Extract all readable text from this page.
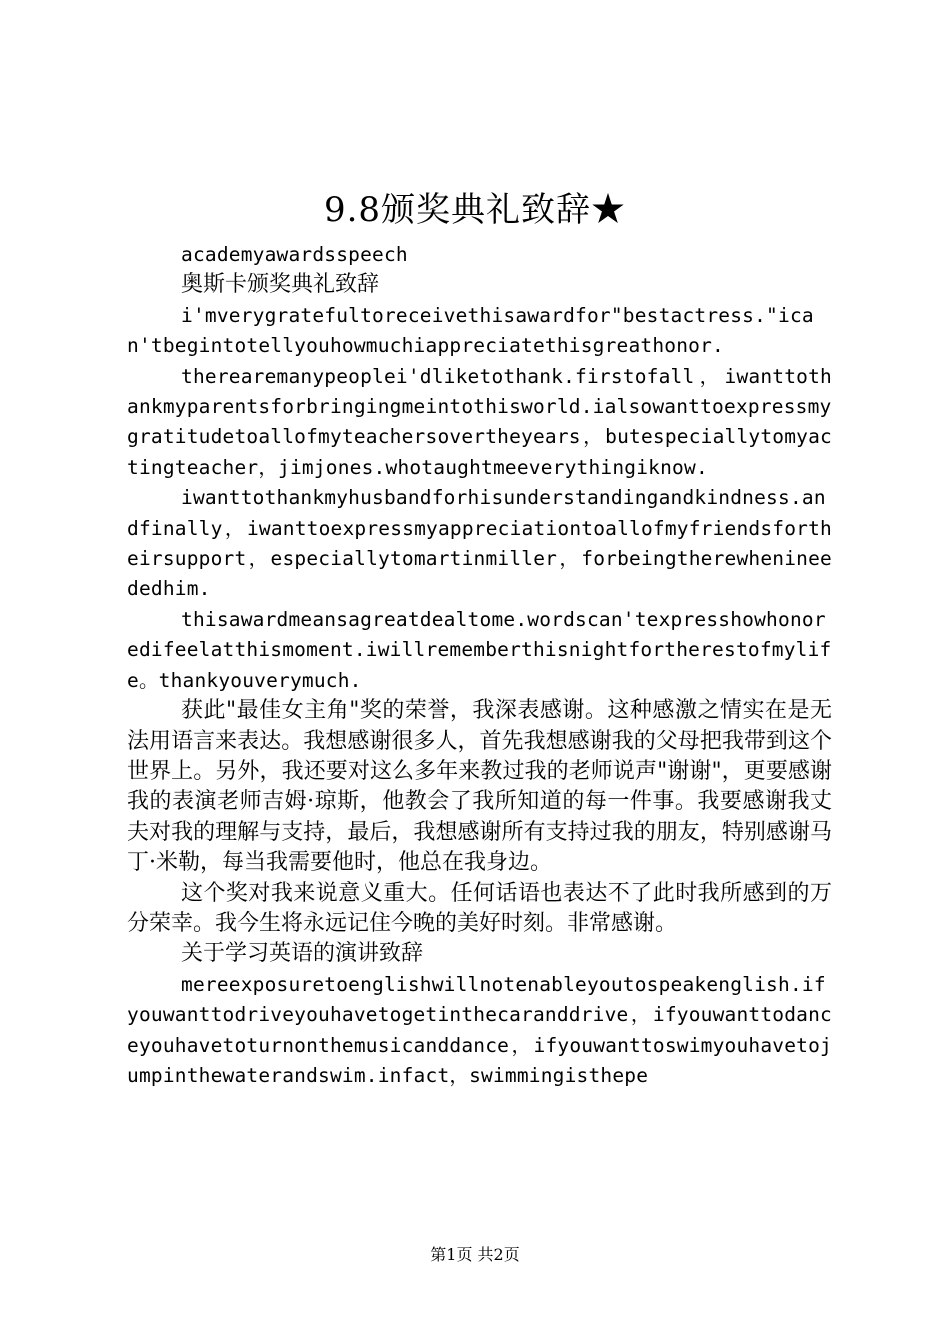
9.8颁奖典礼致辞★

academyawardsspeech

奥斯卡颁奖典礼致辞

i'mverygratefultoreceivethisawardfor"bestactress."ican'tbegintotellyouhowmuchiappreciatethisgreathonor.

therearemanypeoplei'dliketothank.firstofall，iwanttothankmyparentsforbringingmeintothisworld.ialsowanttoexpressmygratitudetoallofmyteachersovertheyears，butespeciallytomyactingteacher，jimjones.whotaughtmeeverythingiknow.

iwanttothankmyhusbandforhisunderstandingandkindness.andfinally，iwanttoexpressmyappreciationtoallofmyfriendsfortheirsupport，especiallytomartinmiller，forbeingtherewhenineededhim.

thisawardmeansagreatdealtome.wordscan'texpresshowhonoredifeelatthismoment.iwillrememberthisnightfortherestofmylife。thankyouverymuch.

获此"最佳女主角"奖的荣誉，我深表感谢。这种感激之情实在是无法用语言来表达。我想感谢很多人，首先我想感谢我的父母把我带到这个世界上。另外，我还要对这么多年来教过我的老师说声"谢谢"，更要感谢我的表演老师吉姆·琼斯，他教会了我所知道的每一件事。我要感谢我丈夫对我的理解与支持，最后，我想感谢所有支持过我的朋友，特别感谢马丁·米勒，每当我需要他时，他总在我身边。

这个奖对我来说意义重大。任何话语也表达不了此时我所感到的万分荣幸。我今生将永远记住今晚的美好时刻。非常感谢。

关于学习英语的演讲致辞

mereexposuretoenglishwillnotenableyoutospeakenglish.ifyouwanttodriveyouhavetogetinthecaranddrive，ifyouwanttodanceyouhavetoturnonthemusicanddance，ifyouwanttoswimyouhavetojumpinthewaterandswim.infact，swimmingisthepe

第1页 共2页
